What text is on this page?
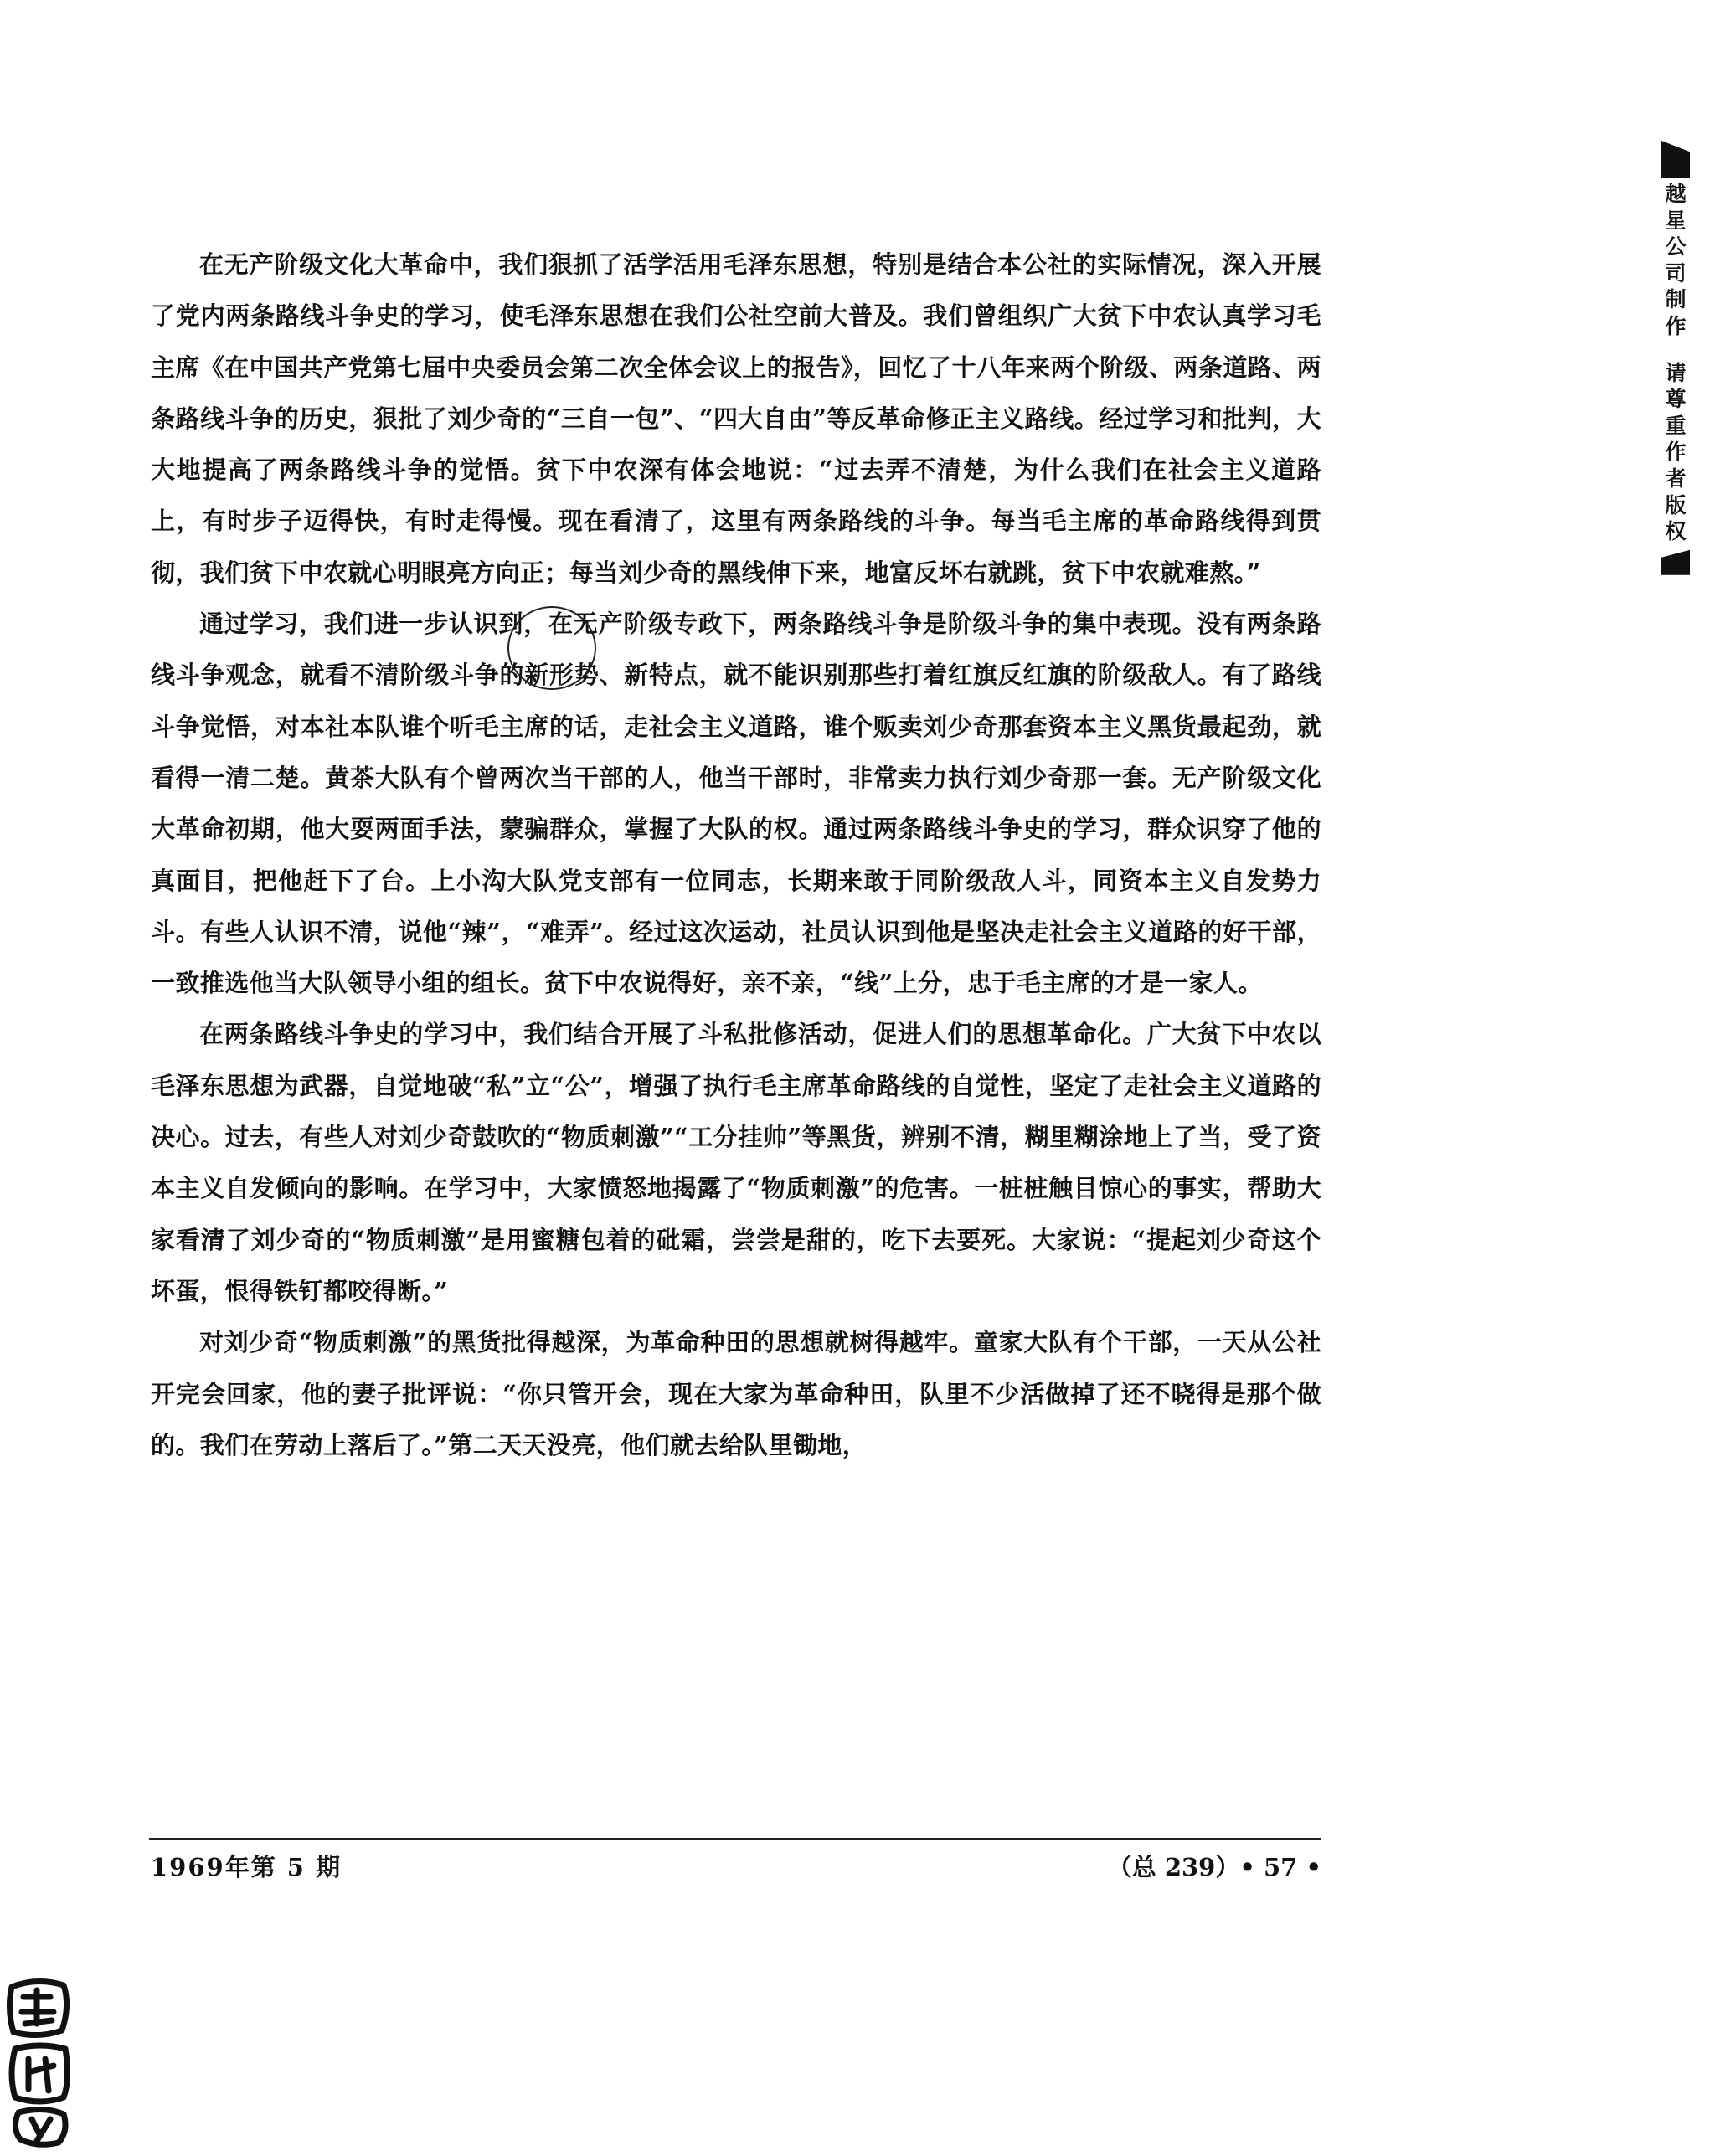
越
星
公
司
制
作
请
尊
重
作
者
版
权

在无产阶级文化大革命中，我们狠抓了活学活用毛泽东思想，特别是结合本公社的实际情况，深入开展了党内两条路线斗争史的学习，使毛泽东思想在我们公社空前大普及。我们曾组织广大贫下中农认真学习毛主席《在中国共产党第七届中央委员会第二次全体会议上的报告》，回忆了十八年来两个阶级、两条道路、两条路线斗争的历史，狠批了刘少奇的“三自一包”、“四大自由”等反革命修正主义路线。经过学习和批判，大大地提高了两条路线斗争的觉悟。贫下中农深有体会地说：“过去弄不清楚，为什么我们在社会主义道路上，有时步子迈得快，有时走得慢。现在看清了，这里有两条路线的斗争。每当毛主席的革命路线得到贯彻，我们贫下中农就心明眼亮方向正；每当刘少奇的黑线伸下来，地富反坏右就跳，贫下中农就难熬。”

通过学习，我们进一步认识到，在无产阶级专政下，两条路线斗争是阶级斗争的集中表现。没有两条路线斗争观念，就看不清阶级斗争的新形势、新特点，就不能识别那些打着红旗反红旗的阶级敌人。有了路线斗争觉悟，对本社本队谁个听毛主席的话，走社会主义道路，谁个贩卖刘少奇那套资本主义黑货最起劲，就看得一清二楚。黄茶大队有个曾两次当干部的人，他当干部时，非常卖力执行刘少奇那一套。无产阶级文化大革命初期，他大耍两面手法，蒙骗群众，掌握了大队的权。通过两条路线斗争史的学习，群众识穿了他的真面目，把他赶下了台。上小沟大队党支部有一位同志，长期来敢于同阶级敌人斗，同资本主义自发势力斗。有些人认识不清，说他“辣”，“难弄”。经过这次运动，社员认识到他是坚决走社会主义道路的好干部，一致推选他当大队领导小组的组长。贫下中农说得好，亲不亲，“线”上分，忠于毛主席的才是一家人。

在两条路线斗争史的学习中，我们结合开展了斗私批修活动，促进人们的思想革命化。广大贫下中农以毛泽东思想为武器，自觉地破“私”立“公”，增强了执行毛主席革命路线的自觉性，坚定了走社会主义道路的决心。过去，有些人对刘少奇鼓吹的“物质刺激”“工分挂帅”等黑货，辨别不清，糊里糊涂地上了当，受了资本主义自发倾向的影响。在学习中，大家愤怒地揭露了“物质刺激”的危害。一桩桩触目惊心的事实，帮助大家看清了刘少奇的“物质刺激”是用蜜糖包着的砒霜，尝尝是甜的，吃下去要死。大家说：“提起刘少奇这个坏蛋，恨得铁钉都咬得断。”

对刘少奇“物质刺激”的黑货批得越深，为革命种田的思想就树得越牢。童家大队有个干部，一天从公社开完会回家，他的妻子批评说：“你只管开会，现在大家为革命种田，队里不少活做掉了还不晓得是那个做的。我们在劳动上落后了。”第二天天没亮，他们就去给队里锄地，

1969年第 5 期	（总 239）• 57 •
